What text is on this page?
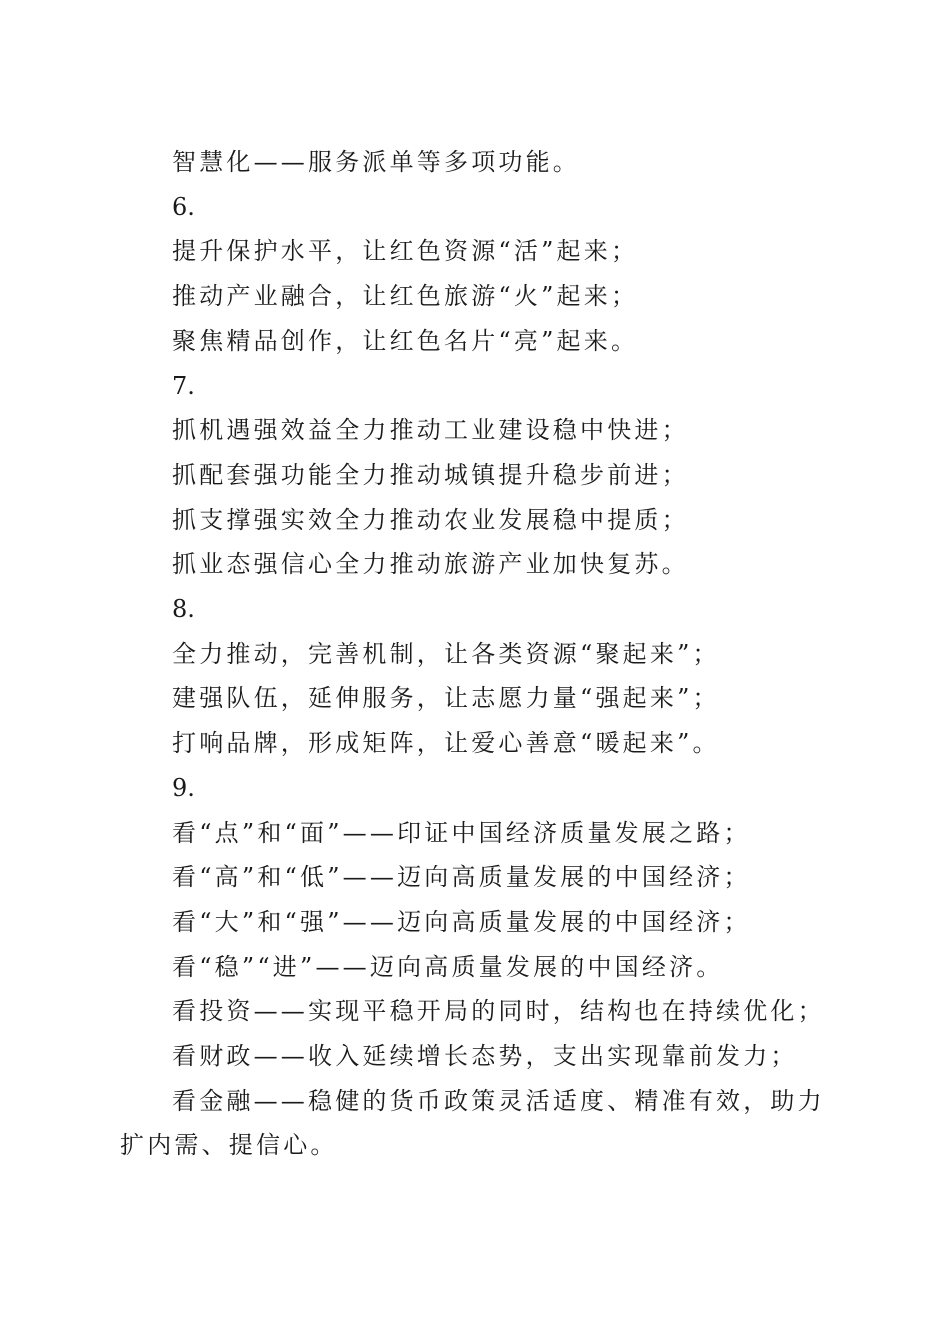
智慧化——服务派单等多项功能。

6.

提升保护水平，让红色资源“活”起来；

推动产业融合，让红色旅游“火”起来；

聚焦精品创作，让红色名片“亮”起来。

7.

抓机遇强效益全力推动工业建设稳中快进；

抓配套强功能全力推动城镇提升稳步前进；

抓支撑强实效全力推动农业发展稳中提质；

抓业态强信心全力推动旅游产业加快复苏。

8.

全力推动，完善机制，让各类资源“聚起来”；

建强队伍，延伸服务，让志愿力量“强起来”；

打响品牌，形成矩阵，让爱心善意“暖起来”。

9.

看“点”和“面”——印证中国经济质量发展之路；

看“高”和“低”——迈向高质量发展的中国经济；

看“大”和“强”——迈向高质量发展的中国经济；

看“稳”“进”——迈向高质量发展的中国经济。

看投资——实现平稳开局的同时，结构也在持续优化；

看财政——收入延续增长态势，支出实现靠前发力；

看金融——稳健的货币政策灵活适度、精准有效，助力扩内需、提信心。
